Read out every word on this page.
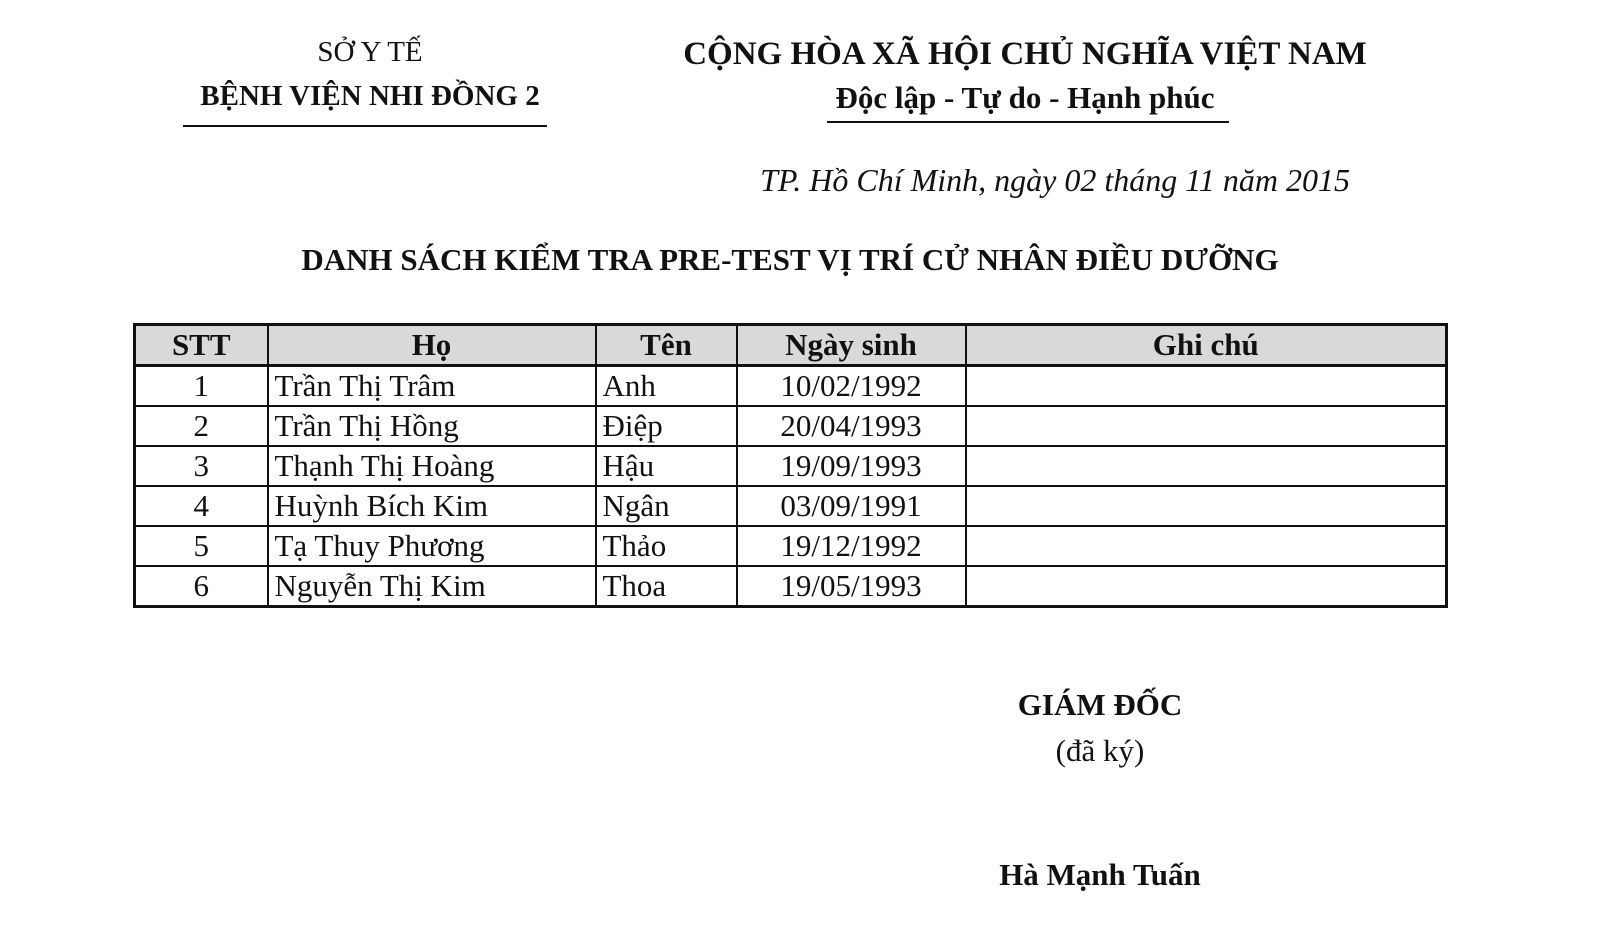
SỞ Y TẾ
BỆNH VIỆN NHI ĐỒNG 2
CỘNG HÒA XÃ HỘI CHỦ NGHĨA VIỆT NAM
Độc lập - Tự do - Hạnh phúc
TP. Hồ Chí Minh, ngày 02 tháng 11 năm 2015
DANH SÁCH KIỂM TRA PRE-TEST VỊ TRÍ CỬ NHÂN ĐIỀU DƯỠNG
STT	Họ	Tên	Ngày sinh	Ghi chú
1	Trần Thị Trâm	Anh	10/02/1992	
2	Trần Thị Hồng	Điệp	20/04/1993	
3	Thạnh Thị Hoàng	Hậu	19/09/1993	
4	Huỳnh Bích Kim	Ngân	03/09/1991	
5	Tạ Thuy Phương	Thảo	19/12/1992	
6	Nguyễn Thị Kim	Thoa	19/05/1993	
GIÁM ĐỐC
(đã ký)
Hà Mạnh Tuấn
